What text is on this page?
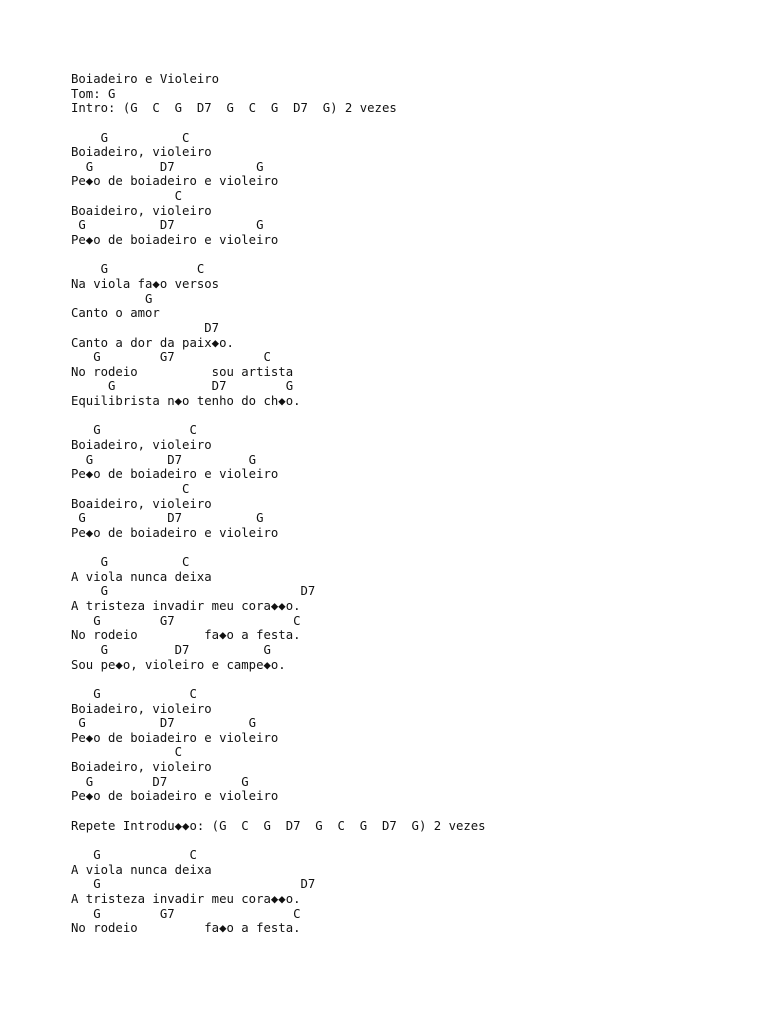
Boiadeiro e Violeiro
Tom: G
Intro: (G  C  G  D7  G  C  G  D7  G) 2 vezes
G          C
Boiadeiro, violeiro
G         D7           G
Pe◆o de boiadeiro e violeiro
C
Boaideiro, violeiro
G          D7           G
Pe◆o de boiadeiro e violeiro
G            C
Na viola fa◆o versos
G
Canto o amor
D7
Canto a dor da paix◆o.
G        G7            C
No rodeio          sou artista
G             D7        G
Equilibrista n◆o tenho do ch◆o.
G            C
Boiadeiro, violeiro
G          D7         G
Pe◆o de boiadeiro e violeiro
C
Boaideiro, violeiro
G           D7          G
Pe◆o de boiadeiro e violeiro
G          C
A viola nunca deixa
G                          D7
A tristeza invadir meu cora◆◆o.
G        G7                C
No rodeio         fa◆o a festa.
G         D7          G
Sou pe◆o, violeiro e campe◆o.
G            C
Boiadeiro, violeiro
G          D7          G
Pe◆o de boiadeiro e violeiro
C
Boiadeiro, violeiro
G        D7          G
Pe◆o de boiadeiro e violeiro
Repete Introdu◆◆o: (G  C  G  D7  G  C  G  D7  G) 2 vezes
G            C
A viola nunca deixa
G                           D7
A tristeza invadir meu cora◆◆o.
G        G7                C
No rodeio         fa◆o a festa.
